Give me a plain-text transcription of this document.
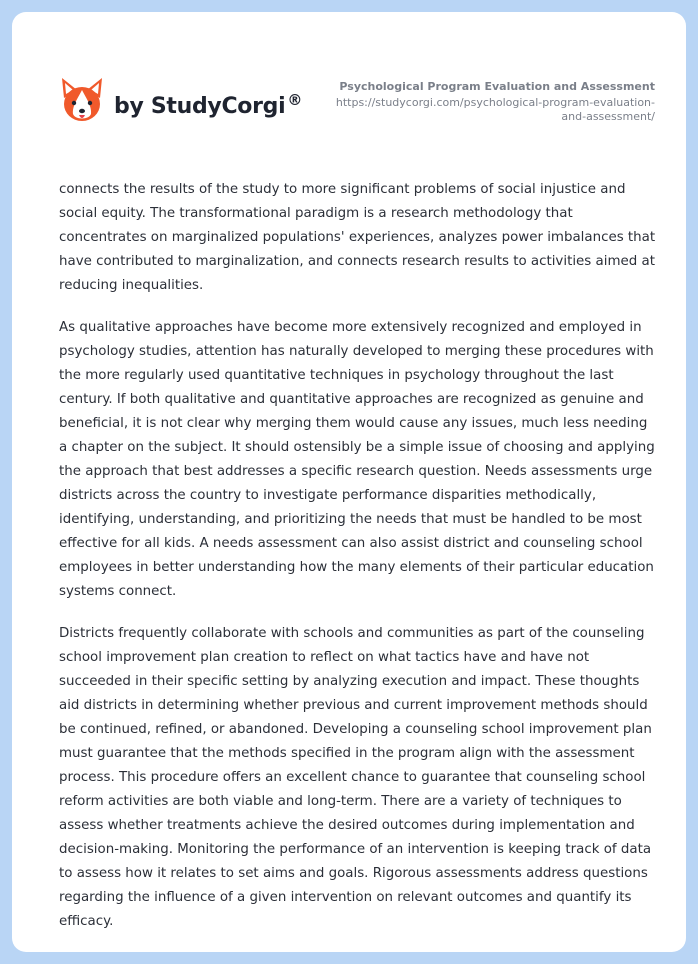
by StudyCorgi ®
Psychological Program Evaluation and Assessment
https://studycorgi.com/psychological-program-evaluation-
and-assessment/

connects the results of the study to more significant problems of social injustice and social equity. The transformational paradigm is a research methodology that concentrates on marginalized populations' experiences, analyzes power imbalances that have contributed to marginalization, and connects research results to activities aimed at reducing inequalities.

As qualitative approaches have become more extensively recognized and employed in psychology studies, attention has naturally developed to merging these procedures with the more regularly used quantitative techniques in psychology throughout the last century. If both qualitative and quantitative approaches are recognized as genuine and beneficial, it is not clear why merging them would cause any issues, much less needing a chapter on the subject. It should ostensibly be a simple issue of choosing and applying the approach that best addresses a specific research question. Needs assessments urge districts across the country to investigate performance disparities methodically, identifying, understanding, and prioritizing the needs that must be handled to be most effective for all kids. A needs assessment can also assist district and counseling school employees in better understanding how the many elements of their particular education systems connect.

Districts frequently collaborate with schools and communities as part of the counseling school improvement plan creation to reflect on what tactics have and have not succeeded in their specific setting by analyzing execution and impact. These thoughts aid districts in determining whether previous and current improvement methods should be continued, refined, or abandoned. Developing a counseling school improvement plan must guarantee that the methods specified in the program align with the assessment process. This procedure offers an excellent chance to guarantee that counseling school reform activities are both viable and long-term. There are a variety of techniques to assess whether treatments achieve the desired outcomes during implementation and decision-making. Monitoring the performance of an intervention is keeping track of data to assess how it relates to set aims and goals. Rigorous assessments address questions regarding the influence of a given intervention on relevant outcomes and quantify its efficacy.
